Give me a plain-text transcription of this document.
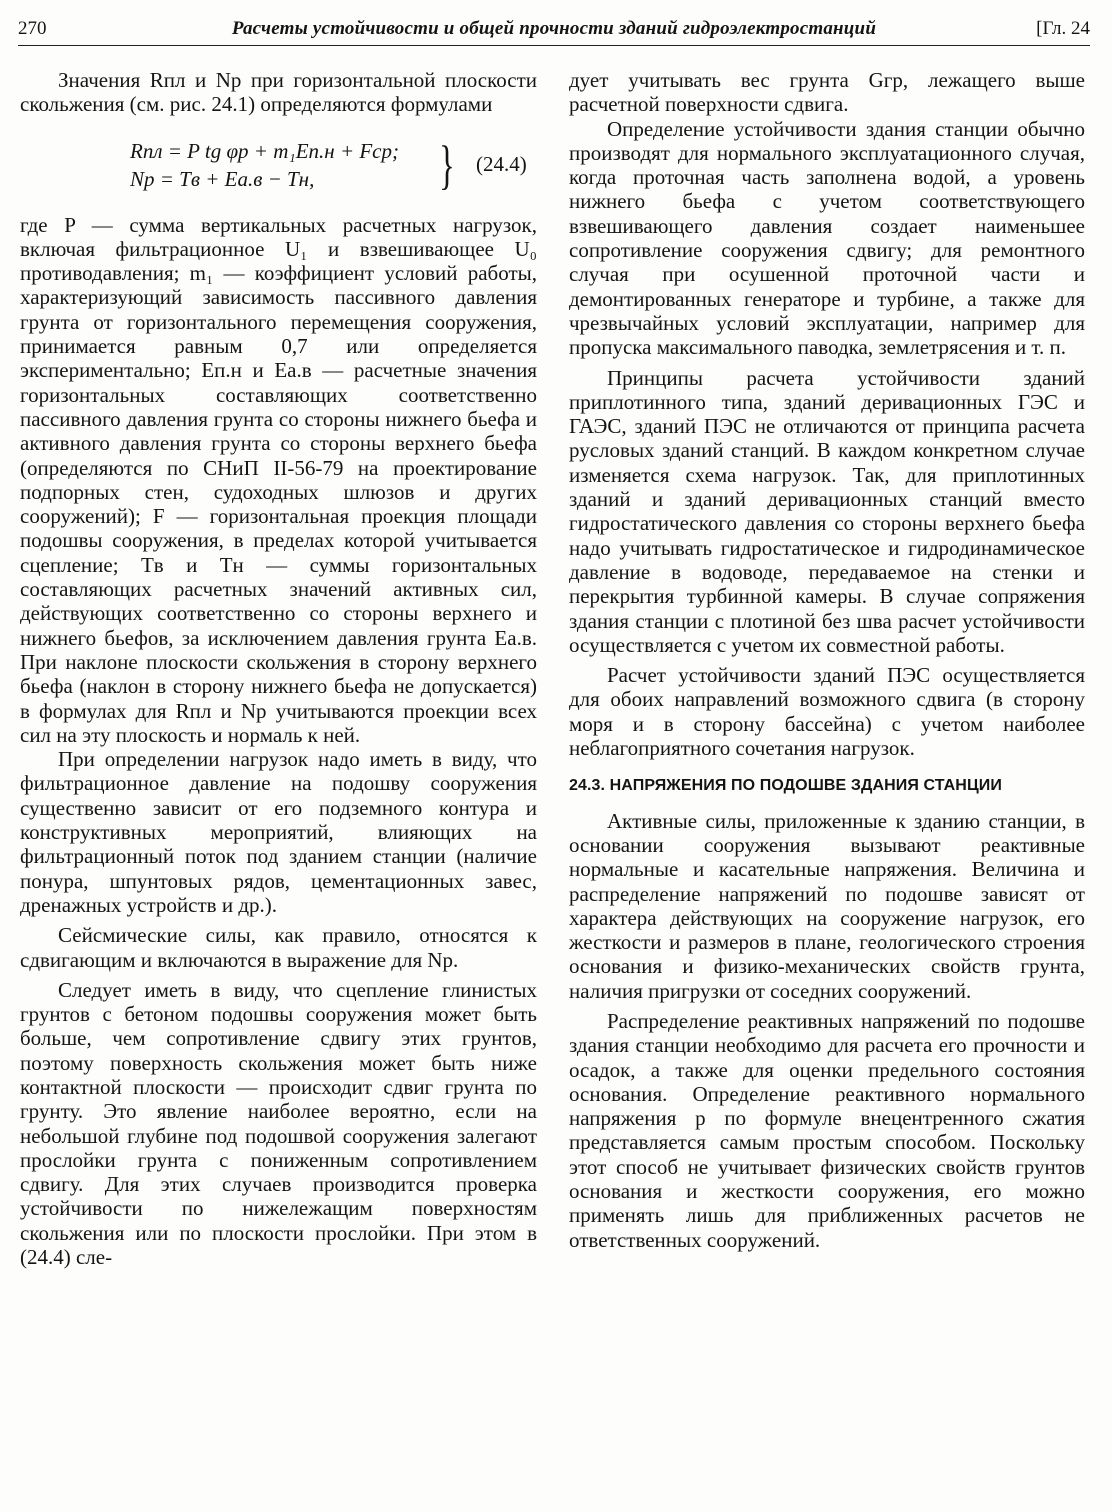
270	Расчеты устойчивости и общей прочности зданий гидроэлектростанций	[Гл. 24

Значения Rпл и Nр при горизонтальной плоскости скольжения (см. рис. 24.1) определяются формулами

Rпл = P tg φр + m₁Eп.н + Fcр;
Nр = Tв + Eа.в − Tн, } (24.4)

где P — сумма вертикальных расчетных нагрузок, включая фильтрационное U₁ и взвешивающее U₀ противодавления; m₁ — коэффициент условий работы, характеризующий зависимость пассивного давления грунта от горизонтального перемещения сооружения, принимается равным 0,7 или определяется экспериментально; Eп.н и Eа.в — расчетные значения горизонтальных составляющих соответственно пассивного давления грунта со стороны нижнего бьефа и активного давления грунта со стороны верхнего бьефа (определяются по СНиП II-56-79 на проектирование подпорных стен, судоходных шлюзов и других сооружений); F — горизонтальная проекция площади подошвы сооружения, в пределах которой учитывается сцепление; Tв и Tн — суммы горизонтальных составляющих расчетных значений активных сил, действующих соответственно со стороны верхнего и нижнего бьефов, за исключением давления грунта Eа.в. При наклоне плоскости скольжения в сторону верхнего бьефа (наклон в сторону нижнего бьефа не допускается) в формулах для Rпл и Nр учитываются проекции всех сил на эту плоскость и нормаль к ней.

При определении нагрузок надо иметь в виду, что фильтрационное давление на подошву сооружения существенно зависит от его подземного контура и конструктивных мероприятий, влияющих на фильтрационный поток под зданием станции (наличие понура, шпунтовых рядов, цементационных завес, дренажных устройств и др.).

Сейсмические силы, как правило, относятся к сдвигающим и включаются в выражение для Nр.

Следует иметь в виду, что сцепление глинистых грунтов с бетоном подошвы сооружения может быть больше, чем сопротивление сдвигу этих грунтов, поэтому поверхность скольжения может быть ниже контактной плоскости — происходит сдвиг грунта по грунту. Это явление наиболее вероятно, если на небольшой глубине под подошвой сооружения залегают прослойки грунта с пониженным сопротивлением сдвигу. Для этих случаев производится проверка устойчивости по нижележащим поверхностям скольжения или по плоскости прослойки. При этом в (24.4) сле-

дует учитывать вес грунта Gгр, лежащего выше расчетной поверхности сдвига.

Определение устойчивости здания станции обычно производят для нормального эксплуатационного случая, когда проточная часть заполнена водой, а уровень нижнего бьефа с учетом соответствующего взвешивающего давления создает наименьшее сопротивление сооружения сдвигу; для ремонтного случая при осушенной проточной части и демонтированных генераторе и турбине, а также для чрезвычайных условий эксплуатации, например для пропуска максимального паводка, землетрясения и т. п.

Принципы расчета устойчивости зданий приплотинного типа, зданий деривационных ГЭС и ГАЭС, зданий ПЭС не отличаются от принципа расчета русловых зданий станций. В каждом конкретном случае изменяется схема нагрузок. Так, для приплотинных зданий и зданий деривационных станций вместо гидростатического давления со стороны верхнего бьефа надо учитывать гидростатическое и гидродинамическое давление в водоводе, передаваемое на стенки и перекрытия турбинной камеры. В случае сопряжения здания станции с плотиной без шва расчет устойчивости осуществляется с учетом их совместной работы.

Расчет устойчивости зданий ПЭС осуществляется для обоих направлений возможного сдвига (в сторону моря и в сторону бассейна) с учетом наиболее неблагоприятного сочетания нагрузок.

24.3. НАПРЯЖЕНИЯ ПО ПОДОШВЕ ЗДАНИЯ СТАНЦИИ

Активные силы, приложенные к зданию станции, в основании сооружения вызывают реактивные нормальные и касательные напряжения. Величина и распределение напряжений по подошве зависят от характера действующих на сооружение нагрузок, его жесткости и размеров в плане, геологического строения основания и физико-механических свойств грунта, наличия пригрузки от соседних сооружений.

Распределение реактивных напряжений по подошве здания станции необходимо для расчета его прочности и осадок, а также для оценки предельного состояния основания. Определение реактивного нормального напряжения p по формуле внецентренного сжатия представляется самым простым способом. Поскольку этот способ не учитывает физических свойств грунтов основания и жесткости сооружения, его можно применять лишь для приближенных расчетов не ответственных сооружений.
